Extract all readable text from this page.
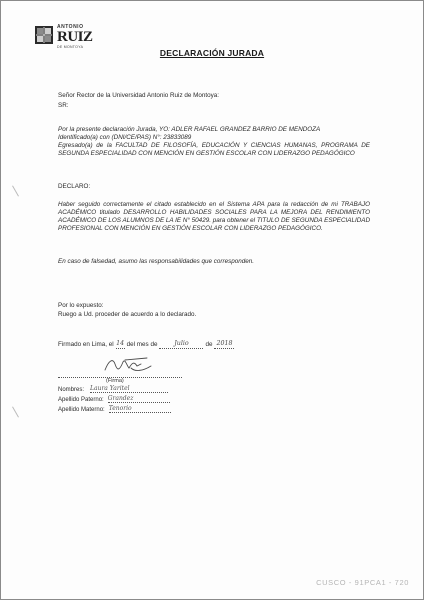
ANTONIO
RUIZ
DE MONTOYA
DECLARACIÓN JURADA
Señor Rector de la Universidad Antonio Ruiz de Montoya:
SR:
Por la presente declaración Jurada, YO: ADLER RAFAEL GRANDEZ BARRIO DE MENDOZA
Identificado(a) con (DNI/CE/PAS) N°: 23833089
Egresado(a) de la FACULTAD DE FILOSOFÍA, EDUCACIÓN Y CIENCIAS HUMANAS, PROGRAMA DE SEGUNDA ESPECIALIDAD CON MENCIÓN EN GESTIÓN ESCOLAR CON LIDERAZGO PEDAGÓGICO
DECLARO:
Haber seguido correctamente el citado establecido en el Sistema APA para la redacción de mi TRABAJO ACADÉMICO titulado DESARROLLO HABILIDADES SOCIALES PARA LA MEJORA DEL RENDIMIENTO ACADÉMICO DE LOS ALUMNOS DE LA IE N° 50429. para obtener el TITULO DE SEGUNDA ESPECIALIDAD PROFESIONAL CON MENCIÓN EN GESTIÓN ESCOLAR CON LIDERAZGO PEDAGÓGICO.
En caso de falsedad, asumo las responsabilidades que corresponden.
Por lo expuesto:
Ruego a Ud. proceder de acuerdo a lo declarado.
Firmado en Lima, el 14 del mes de	Julio	de 2018
(Firma)
Nombres: Laura Yaritel
Apellido Paterno: Grandez
Apellido Materno: Tenorio
CUSCO - 91PCA1 - 720
